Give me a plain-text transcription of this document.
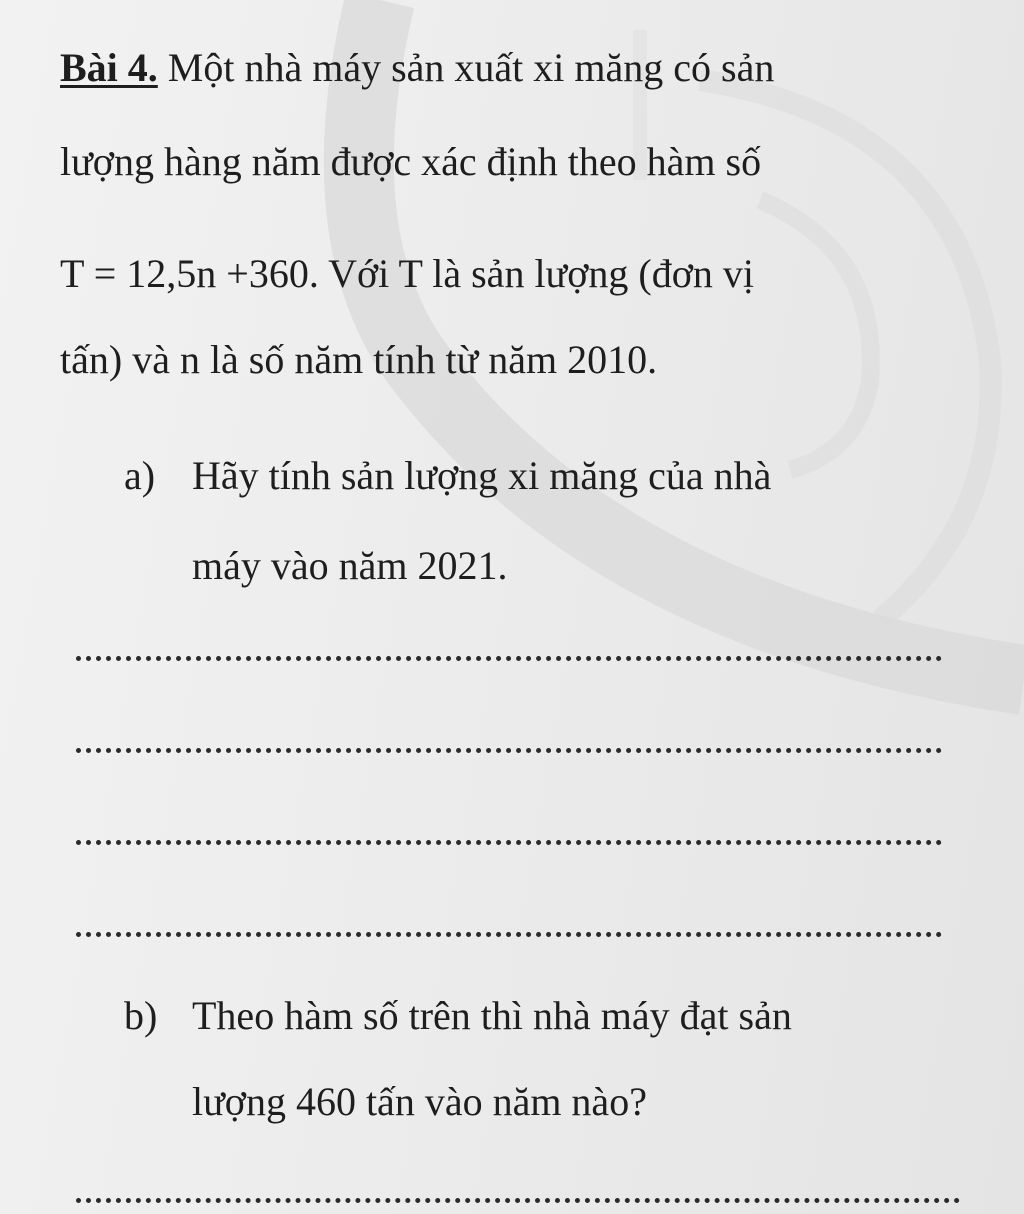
Bài 4. Một nhà máy sản xuất xi măng có sản
lượng hàng năm được xác định theo hàm số
T = 12,5n +360. Với T là sản lượng (đơn vị
tấn) và n là số năm tính từ năm 2010.
a) Hãy tính sản lượng xi măng của nhà
máy vào năm 2021.
b) Theo hàm số trên thì nhà máy đạt sản
lượng 460 tấn vào năm nào?
